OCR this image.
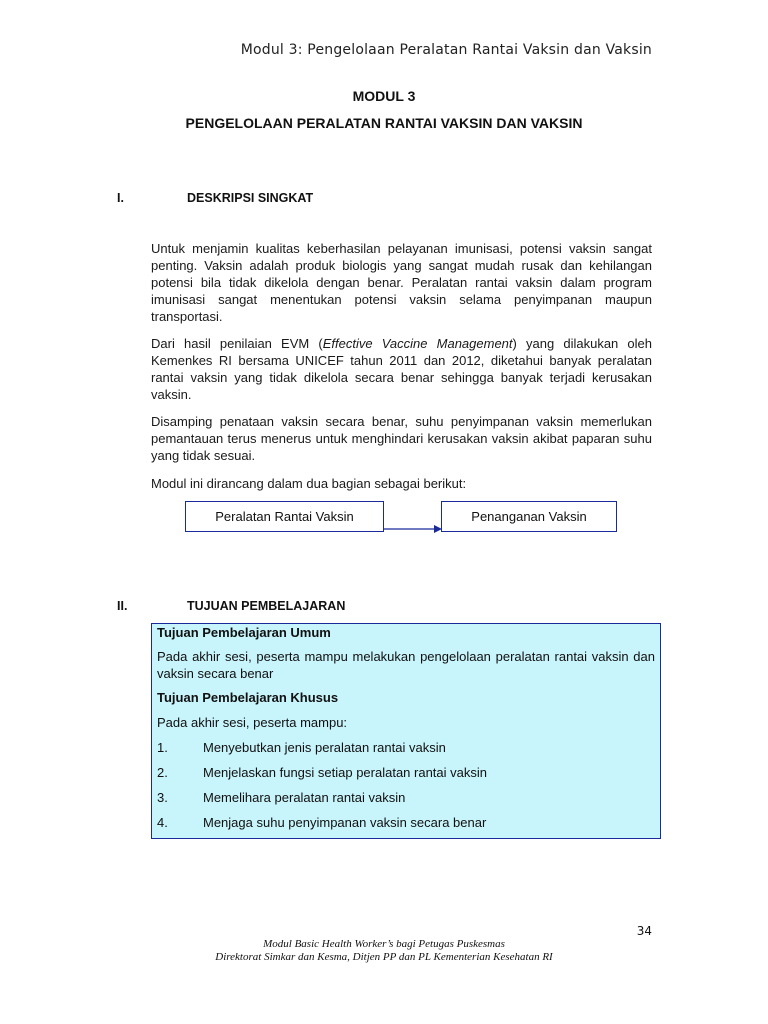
Modul 3: Pengelolaan Peralatan Rantai Vaksin dan Vaksin
MODUL 3
PENGELOLAAN PERALATAN RANTAI VAKSIN DAN VAKSIN
I.	DESKRIPSI SINGKAT
Untuk menjamin kualitas keberhasilan pelayanan imunisasi, potensi vaksin sangat penting. Vaksin adalah produk biologis yang sangat mudah rusak dan kehilangan potensi bila tidak dikelola dengan benar. Peralatan rantai vaksin dalam program imunisasi sangat menentukan potensi vaksin selama penyimpanan maupun transportasi.
Dari hasil penilaian EVM (Effective Vaccine Management) yang dilakukan oleh Kemenkes RI bersama UNICEF tahun 2011 dan 2012, diketahui banyak peralatan rantai vaksin yang tidak dikelola secara benar sehingga banyak terjadi kerusakan vaksin.
Disamping penataan vaksin secara benar, suhu penyimpanan vaksin memerlukan pemantauan terus menerus untuk menghindari kerusakan vaksin akibat paparan suhu yang tidak sesuai.
Modul ini dirancang dalam dua bagian sebagai berikut:
Peralatan Rantai Vaksin	Penanganan Vaksin
II.	TUJUAN PEMBELAJARAN
Tujuan Pembelajaran Umum
Pada akhir sesi, peserta mampu melakukan pengelolaan peralatan rantai vaksin dan vaksin secara benar
Tujuan Pembelajaran Khusus
Pada akhir sesi, peserta mampu:
1.	Menyebutkan jenis peralatan rantai vaksin
2.	Menjelaskan fungsi setiap peralatan rantai vaksin
3.	Memelihara peralatan rantai vaksin
4.	Menjaga suhu penyimpanan vaksin secara benar
34
Modul Basic Health Worker’s bagi Petugas Puskesmas
Direktorat Simkar dan Kesma, Ditjen PP dan PL Kementerian Kesehatan RI
